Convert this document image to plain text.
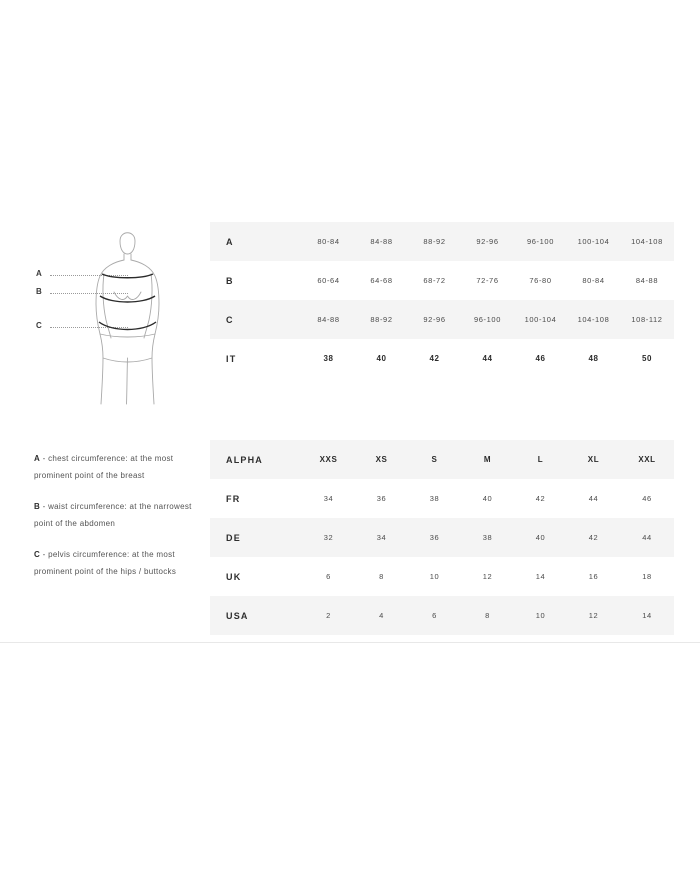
A
B
C
A	80-84	84-88	88-92	92-96	96-100	100-104	104-108
B	60-64	64-68	68-72	72-76	76-80	80-84	84-88
C	84-88	88-92	92-96	96-100	100-104	104-108	108-112
IT	38	40	42	44	46	48	50

A - chest circumference: at the most prominent point of the breast

B - waist circumference: at the narrowest point of the abdomen

C - pelvis circumference: at the most prominent point of the hips / buttocks

ALPHA	XXS	XS	S	M	L	XL	XXL
FR	34	36	38	40	42	44	46
DE	32	34	36	38	40	42	44
UK	6	8	10	12	14	16	18
USA	2	4	6	8	10	12	14
